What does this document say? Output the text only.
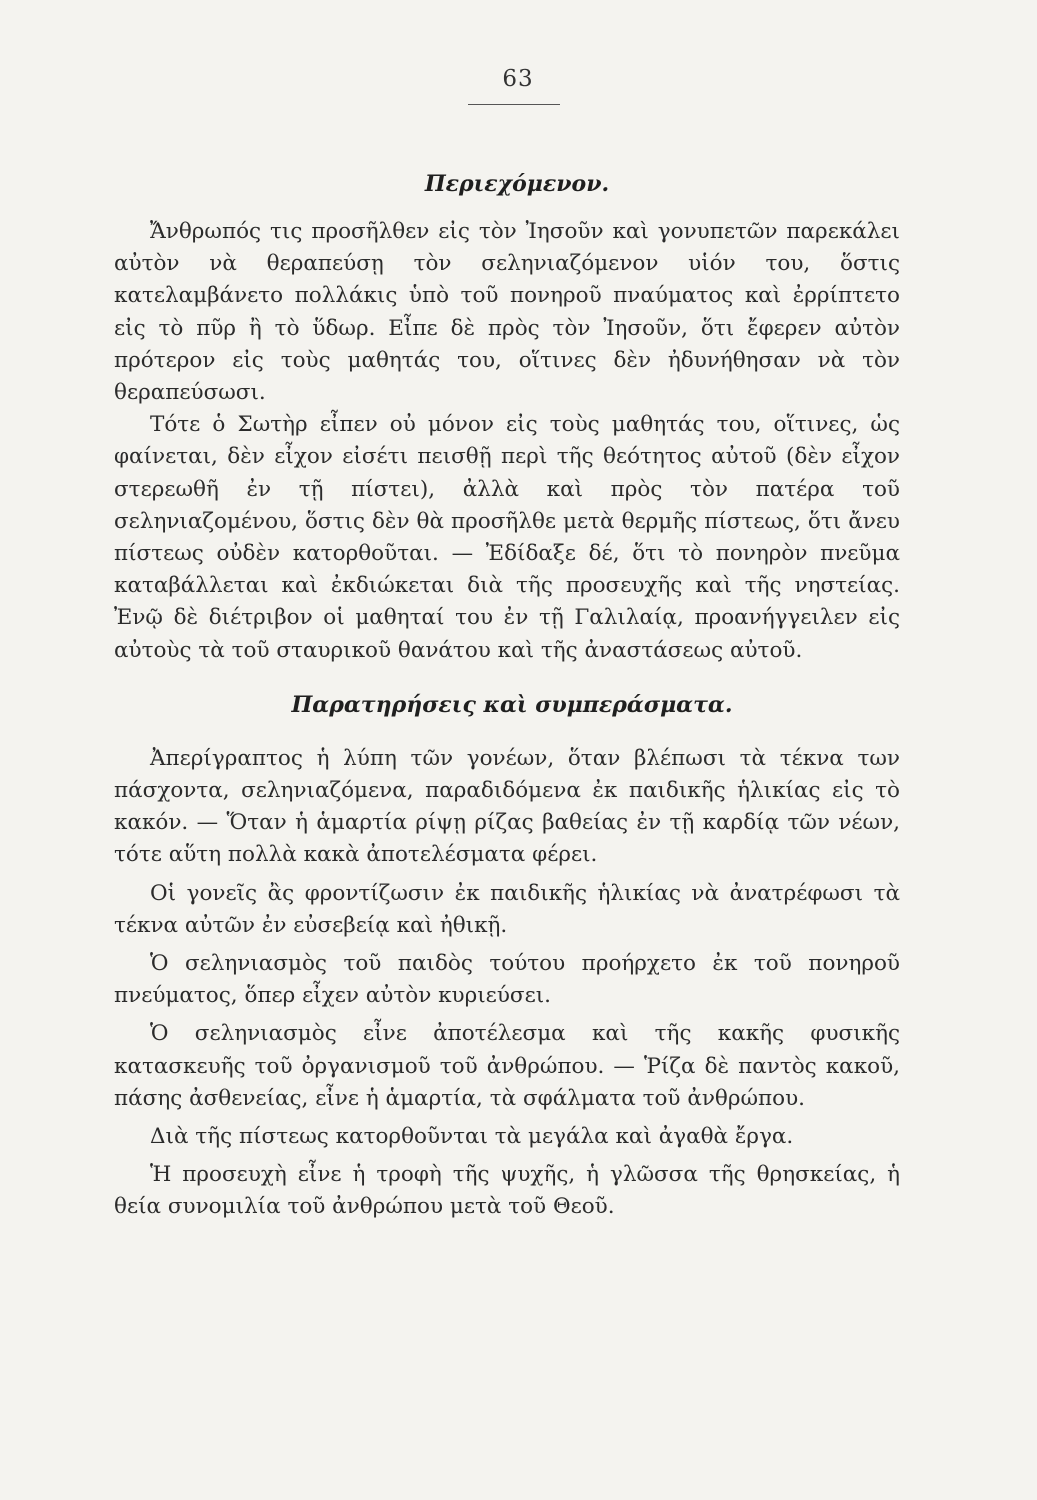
63
Περιεχόμενον.

Ἄνθρωπός τις προσῆλθεν εἰς τὸν Ἰησοῦν καὶ γονυπετῶν παρεκάλει αὐτὸν νὰ θεραπεύσῃ τὸν σεληνιαζόμενον υἱόν του, ὅστις κατελαμβάνετο πολλάκις ὑπὸ τοῦ πονηροῦ πναύματος καὶ ἐρρίπτετο εἰς τὸ πῦρ ἢ τὸ ὕδωρ. Εἶπε δὲ πρὸς τὸν Ἰησοῦν, ὅτι ἔφερεν αὐτὸν πρότερον εἰς τοὺς μαθητάς του, οἵτινες δὲν ἠδυνήθησαν νὰ τὸν θεραπεύσωσι.

Τότε ὁ Σωτὴρ εἶπεν οὐ μόνον εἰς τοὺς μαθητάς του, οἵτινες, ὡς φαίνεται, δὲν εἶχον εἰσέτι πεισθῇ περὶ τῆς θεότητος αὐτοῦ (δὲν εἶχον στερεωθῆ ἐν τῇ πίστει), ἀλλὰ καὶ πρὸς τὸν πατέρα τοῦ σεληνιαζομένου, ὅστις δὲν θὰ προσῆλθε μετὰ θερμῆς πίστεως, ὅτι ἄνευ πίστεως οὐδὲν κατορθοῦται. — Ἐδίδαξε δέ, ὅτι τὸ πονηρὸν πνεῦμα καταβάλλεται καὶ ἐκδιώκεται διὰ τῆς προσευχῆς καὶ τῆς νηστείας. Ἐνῷ δὲ διέτριβον οἱ μαθηταί του ἐν τῇ Γαλιλαίᾳ, προανήγγειλεν εἰς αὐτοὺς τὰ τοῦ σταυρικοῦ θανάτου καὶ τῆς ἀναστάσεως αὐτοῦ.

Παρατηρήσεις καὶ συμπεράσματα.

Ἀπερίγραπτος ἡ λύπη τῶν γονέων, ὅταν βλέπωσι τὰ τέκνα των πάσχοντα, σεληνιαζόμενα, παραδιδόμενα ἐκ παιδικῆς ἡλικίας εἰς τὸ κακόν. — Ὅταν ἡ ἁμαρτία ρίψῃ ρίζας βαθείας ἐν τῇ καρδίᾳ τῶν νέων, τότε αὕτη πολλὰ κακὰ ἀποτελέσματα φέρει.

Οἱ γονεῖς ἂς φροντίζωσιν ἐκ παιδικῆς ἡλικίας νὰ ἀνατρέφωσι τὰ τέκνα αὐτῶν ἐν εὐσεβείᾳ καὶ ἠθικῇ.

Ὁ σεληνιασμὸς τοῦ παιδὸς τούτου προήρχετο ἐκ τοῦ πονηροῦ πνεύματος, ὅπερ εἶχεν αὐτὸν κυριεύσει.

Ὁ σεληνιασμὸς εἶνε ἀποτέλεσμα καὶ τῆς κακῆς φυσικῆς κατασκευῆς τοῦ ὀργανισμοῦ τοῦ ἀνθρώπου. — Ῥίζα δὲ παντὸς κακοῦ, πάσης ἀσθενείας, εἶνε ἡ ἁμαρτία, τὰ σφάλματα τοῦ ἀνθρώπου.

Διὰ τῆς πίστεως κατορθοῦνται τὰ μεγάλα καὶ ἀγαθὰ ἔργα.

Ἡ προσευχὴ εἶνε ἡ τροφὴ τῆς ψυχῆς, ἡ γλῶσσα τῆς θρησκείας, ἡ θεία συνομιλία τοῦ ἀνθρώπου μετὰ τοῦ Θεοῦ.
